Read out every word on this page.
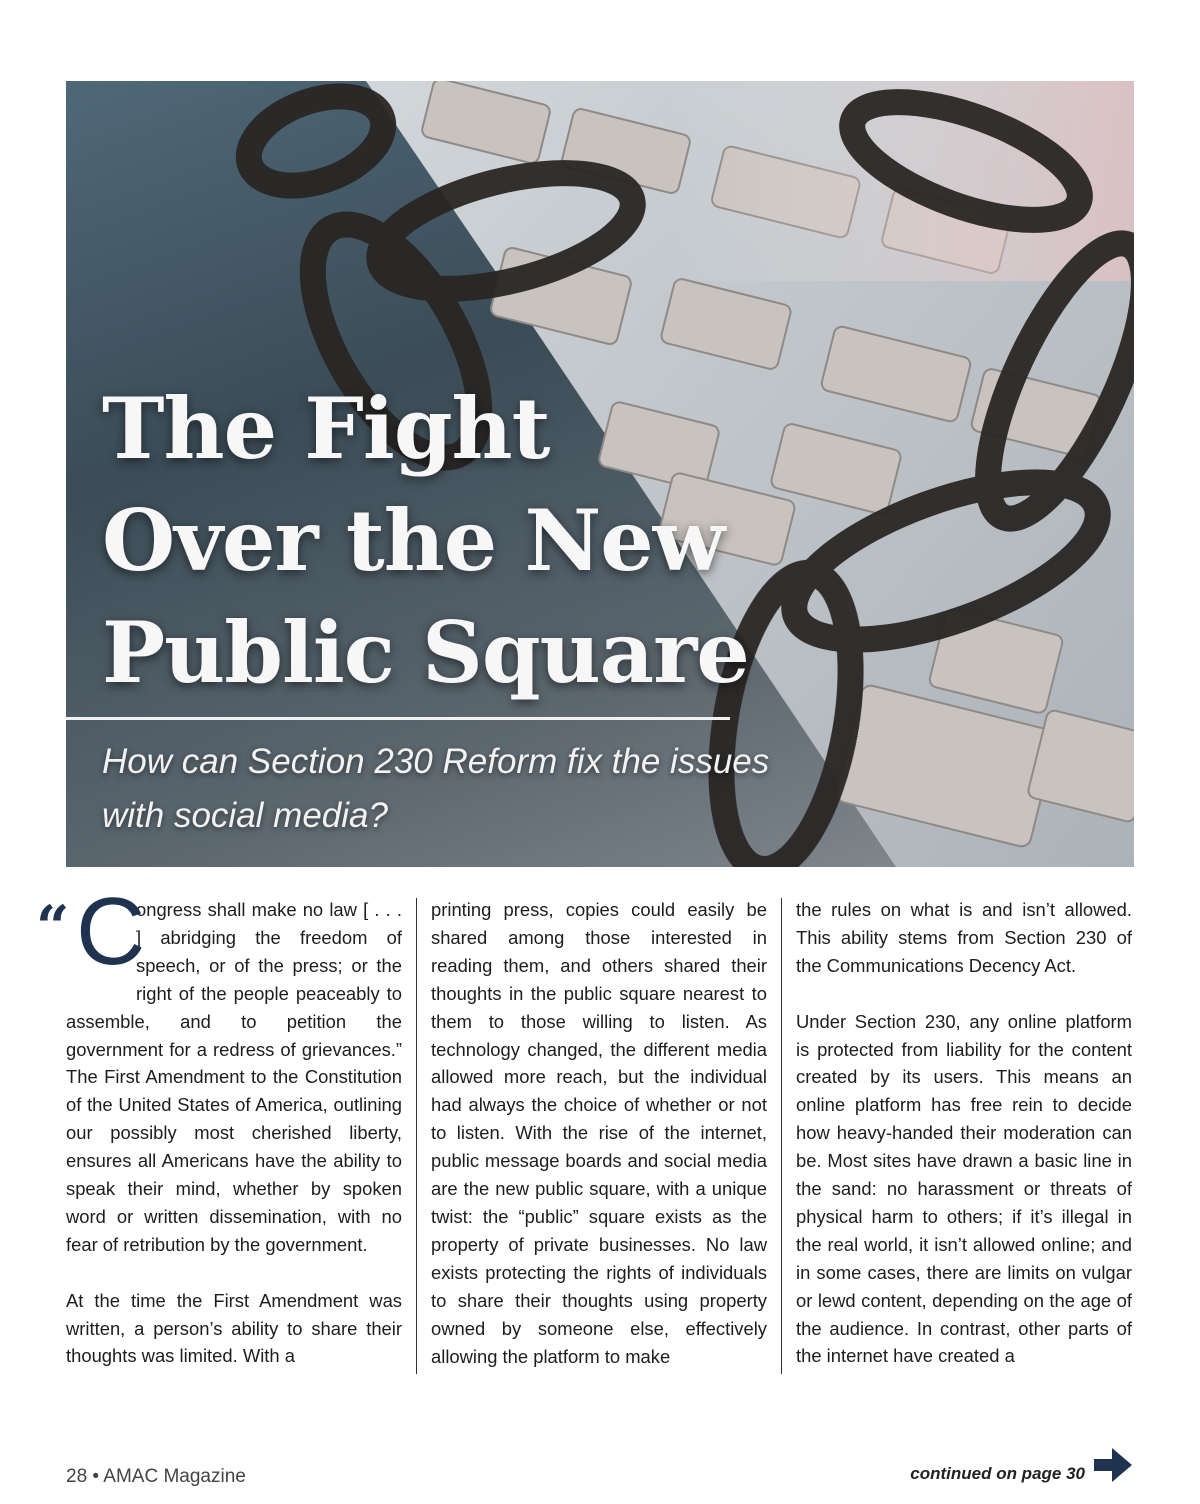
The Fight
Over the New
Public Square

How can Section 230 Reform fix the issues with social media?

“ C

ongress shall make no law [ . . . ] abridging the freedom of speech, or of the press; or the right of the people peaceably to assemble, and to petition the government for a redress of grievances.” The First Amendment to the Constitution of the United States of America, outlining our possibly most cherished liberty, ensures all Americans have the ability to speak their mind, whether by spoken word or written dissemination, with no fear of retribution by the government.

At the time the First Amendment was written, a person’s ability to share their thoughts was limited. With a

printing press, copies could easily be shared among those interested in reading them, and others shared their thoughts in the public square nearest to them to those willing to listen. As technology changed, the different media allowed more reach, but the individual had always the choice of whether or not to listen. With the rise of the internet, public message boards and social media are the new public square, with a unique twist: the “public” square exists as the property of private businesses. No law exists protecting the rights of individuals to share their thoughts using property owned by someone else, effectively allowing the platform to make

the rules on what is and isn’t allowed. This ability stems from Section 230 of the Communications Decency Act.

Under Section 230, any online platform is protected from liability for the content created by its users. This means an online platform has free rein to decide how heavy-handed their moderation can be. Most sites have drawn a basic line in the sand: no harassment or threats of physical harm to others; if it’s illegal in the real world, it isn’t allowed online; and in some cases, there are limits on vulgar or lewd content, depending on the age of the audience. In contrast, other parts of the internet have created a

28 • AMAC Magazine	continued on page 30
